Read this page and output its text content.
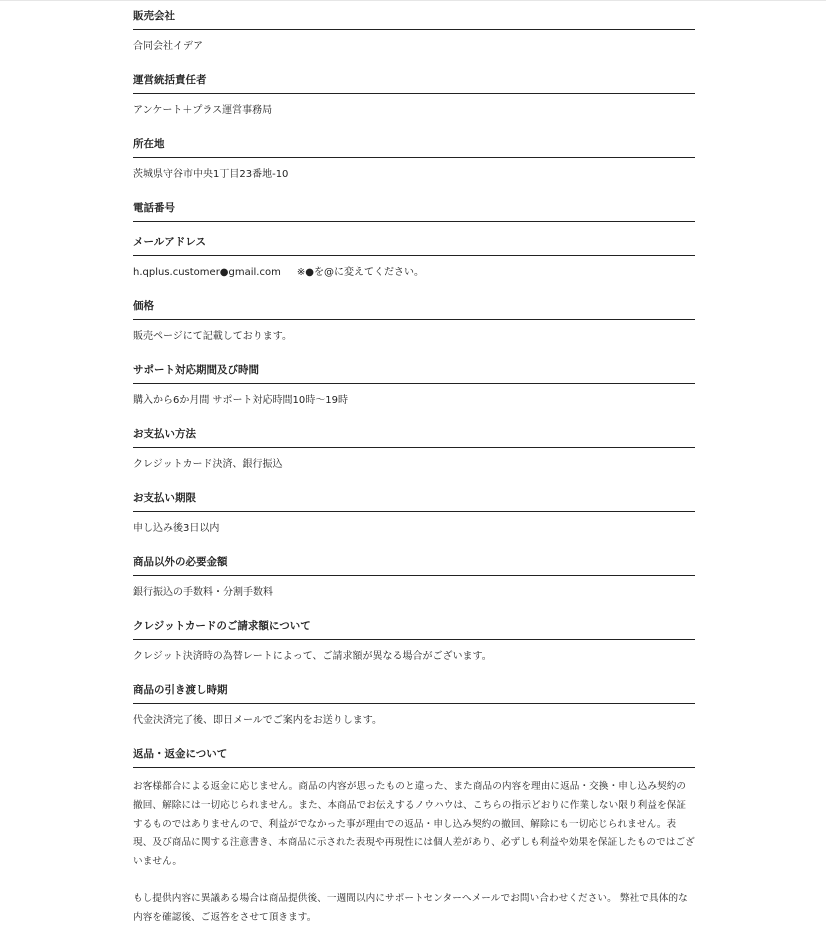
販売会社
合同会社イデア
運営統括責任者
アンケート＋プラス運営事務局
所在地
茨城県守谷市中央1丁目23番地-10
電話番号
メールアドレス
h.qplus.customer●gmail.com ※●を@に変えてください。
価格
販売ページにて記載しております。
サポート対応期間及び時間
購入から6か月間 サポート対応時間10時〜19時
お支払い方法
クレジットカード決済、銀行振込
お支払い期限
申し込み後3日以内
商品以外の必要金額
銀行振込の手数料・分割手数料
クレジットカードのご請求額について
クレジット決済時の為替レートによって、ご請求額が異なる場合がございます。
商品の引き渡し時期
代金決済完了後、即日メールでご案内をお送りします。
返品・返金について

お客様都合による返金に応じません。商品の内容が思ったものと違った、また商品の内容を理由に返品・交換・申し込み契約の撤回、解除には一切応じられません。また、本商品でお伝えするノウハウは、こちらの指示どおりに作業しない限り利益を保証するものではありませんので、利益がでなかった事が理由での返品・申し込み契約の撤回、解除にも一切応じられません。表現、及び商品に関する注意書き、本商品に示された表現や再現性には個人差があり、必ずしも利益や効果を保証したものではございません。

もし提供内容に異議ある場合は商品提供後、一週間以内にサポートセンターへメールでお問い合わせください。 弊社で具体的な内容を確認後、ご返答をさせて頂きます。
